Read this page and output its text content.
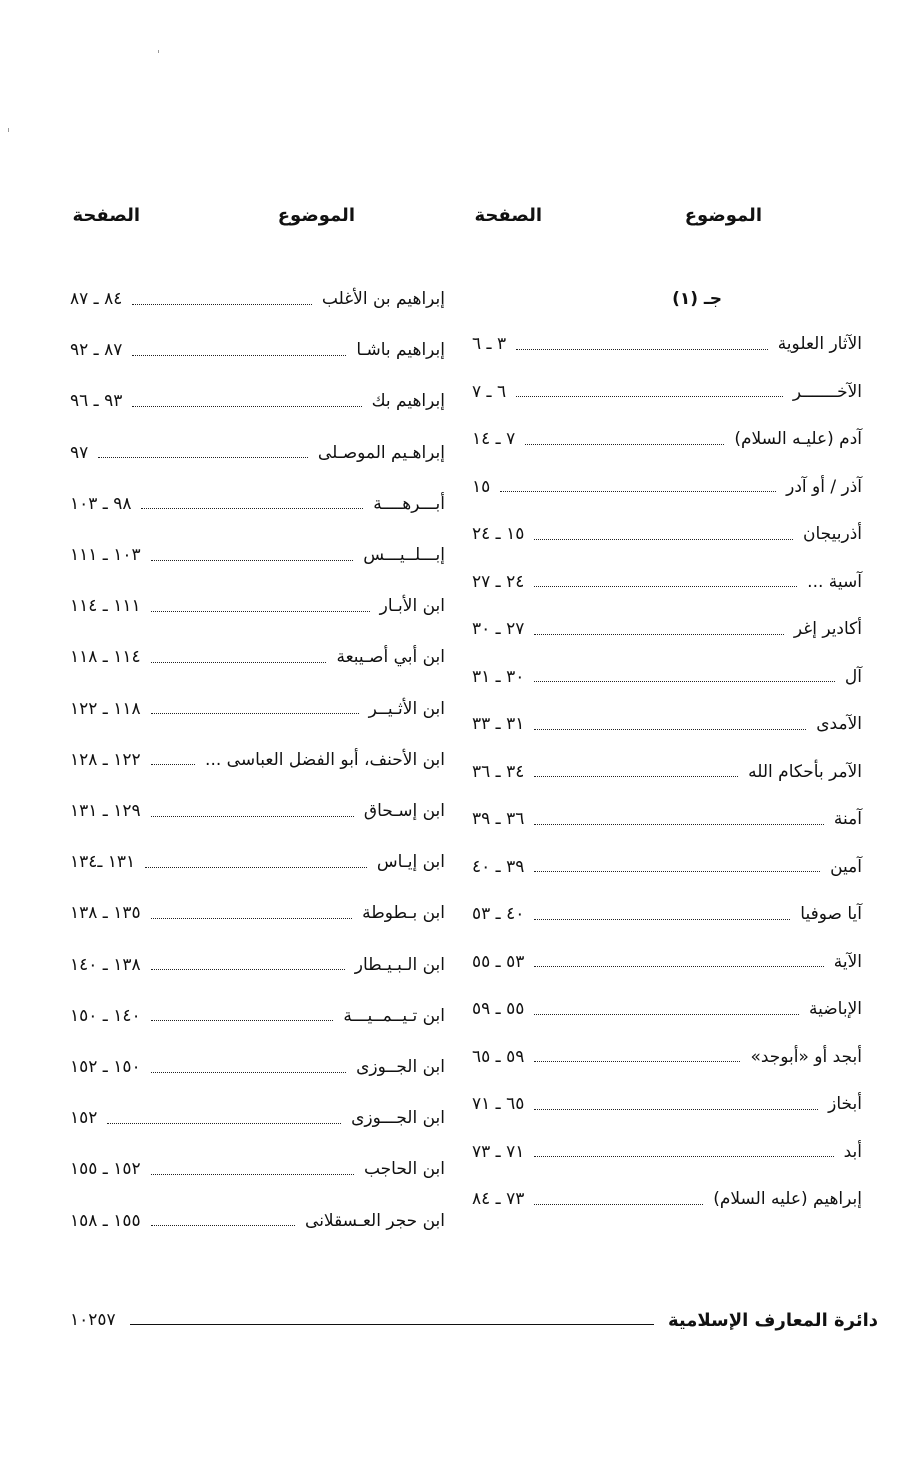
الموضوع
الصفحة
جـ (١)
الآثار العلوية
٣ ـ ٦
الآخـــــــر
٦ ـ ٧
آدم (عليـه السلام)
٧ ـ ١٤
آذر / أو آدر
١٥
أذربيجان
١٥ ـ ٢٤
آسية ...
٢٤ ـ ٢٧
أكادير إغر
٢٧ ـ ٣٠
آل
٣٠ ـ ٣١
الآمدى
٣١ ـ ٣٣
الآمر بأحكام الله
٣٤ ـ ٣٦
آمنة
٣٦ ـ ٣٩
آمين
٣٩ ـ ٤٠
آيا صوفيا
٤٠ ـ ٥٣
الآية
٥٣ ـ ٥٥
الإباضية
٥٥ ـ ٥٩
أبجد أو «أبوجد»
٥٩ ـ ٦٥
أبخاز
٦٥ ـ ٧١
أبد
٧١ ـ ٧٣
إبراهيم (عليه السلام)
٧٣ ـ ٨٤
الموضوع
الصفحة
إبراهيم بن الأغلب
٨٤ ـ ٨٧
إبراهيم باشـا
٨٧ ـ ٩٢
إبراهيم بك
٩٣ ـ ٩٦
إبراهـيم الموصـلى
٩٧
أبـــرهــــة
٩٨ ـ ١٠٣
إبـــلــيـــس
١٠٣ ـ ١١١
ابن الأبـار
١١١ ـ ١١٤
ابن أبي أصـيبعة
١١٤ ـ ١١٨
ابن الأثـيــر
١١٨ ـ ١٢٢
ابن الأحنف، أبو الفضل العباسى ...
١٢٢ ـ ١٢٨
ابن إسـحاق
١٢٩ ـ ١٣١
ابن إيـاس
١٣١ ـ١٣٤
ابن بـطوطة
١٣٥ ـ ١٣٨
ابن الـبـيـطار
١٣٨ ـ ١٤٠
ابن تـيــمــيـــة
١٤٠ ـ ١٥٠
ابن الجــوزى
١٥٠ ـ ١٥٢
ابن الجـــوزى
١٥٢
ابن الحاجب
١٥٢ ـ ١٥٥
ابن حجر العـسقلانى
١٥٥ ـ ١٥٨
دائرة المعارف الإسلامية
١٠٢٥٧
